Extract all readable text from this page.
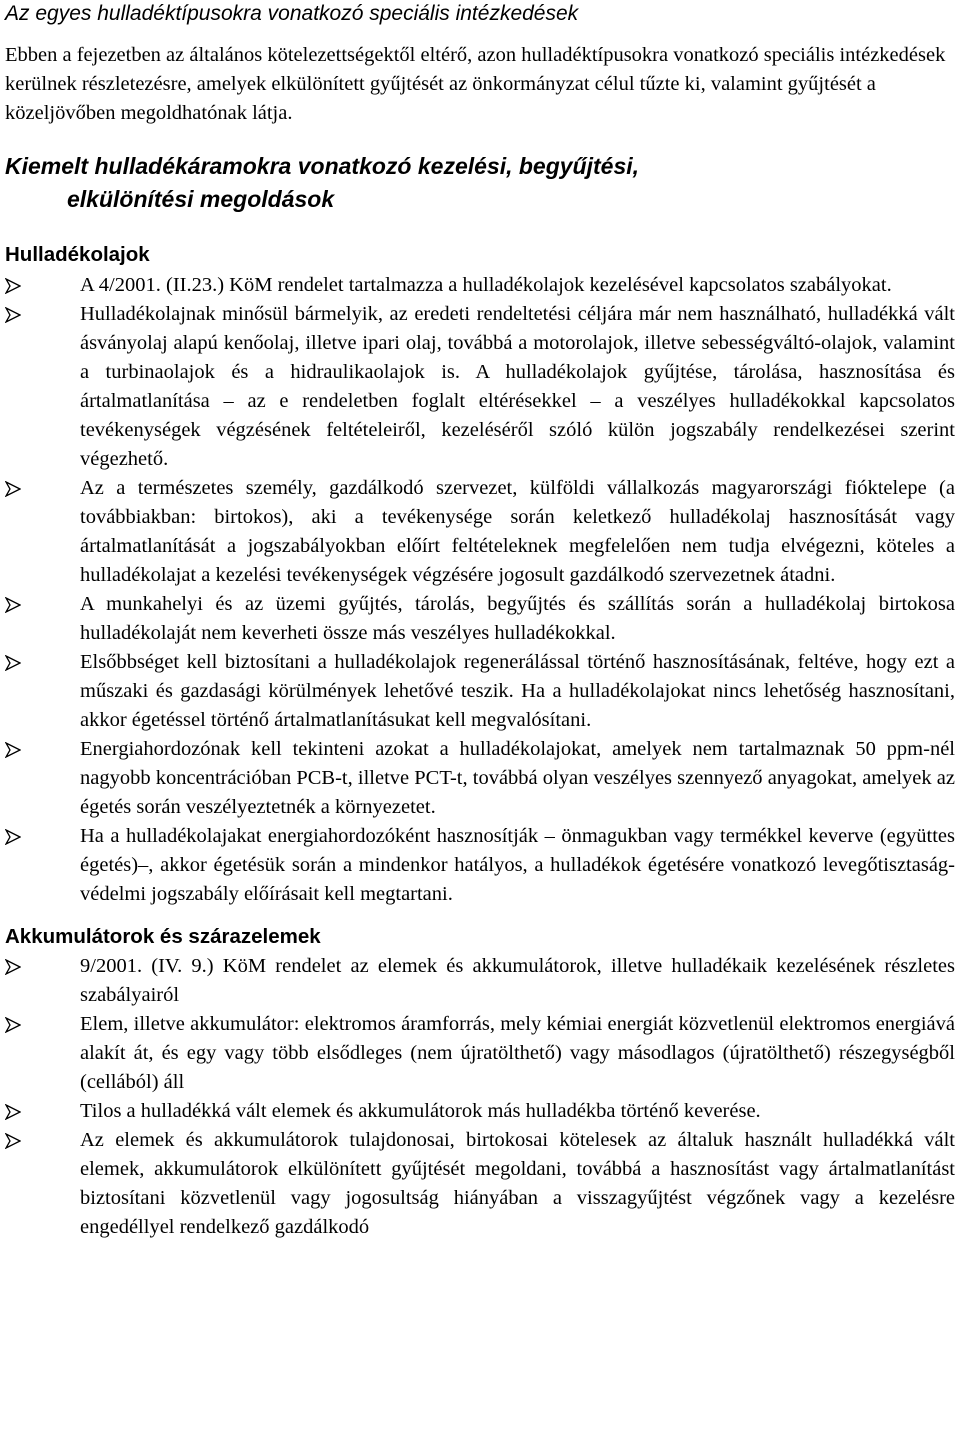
Az egyes hulladéktípusokra vonatkozó speciális intézkedések

Ebben a fejezetben az általános kötelezettségektől eltérő, azon hulladéktípusokra vonatkozó speciális intézkedések kerülnek részletezésre, amelyek elkülönített gyűjtését az önkormányzat célul tűzte ki, valamint gyűjtését a közeljövőben megoldhatónak látja.

Kiemelt hulladékáramokra vonatkozó kezelési, begyűjtési,
elkülönítési megoldások
Hulladékolajok
A 4/2001. (II.23.) KöM rendelet tartalmazza a hulladékolajok kezelésével kapcsolatos szabályokat.
Hulladékolajnak minősül bármelyik, az eredeti rendeltetési céljára már nem használható, hulladékká vált ásványolaj alapú kenőolaj, illetve ipari olaj, továbbá a motorolajok, illetve sebességváltó-olajok, valamint a turbinaolajok és a hidraulikaolajok is. A hulladékolajok gyűjtése, tárolása, hasznosítása és ártalmatlanítása – az e rendeletben foglalt eltérésekkel – a veszélyes hulladékokkal kapcsolatos tevékenységek végzésének feltételeiről, kezeléséről szóló külön jogszabály rendelkezései szerint végezhető.
Az a természetes személy, gazdálkodó szervezet, külföldi vállalkozás magyarországi fióktelepe (a továbbiakban: birtokos), aki a tevékenysége során keletkező hulladékolaj hasznosítását vagy ártalmatlanítását a jogszabályokban előírt feltételeknek megfelelően nem tudja elvégezni, köteles a hulladékolajat a kezelési tevékenységek végzésére jogosult gazdálkodó szervezetnek átadni.
A munkahelyi és az üzemi gyűjtés, tárolás, begyűjtés és szállítás során a hulladékolaj birtokosa hulladékolaját nem keverheti össze más veszélyes hulladékokkal.
Elsőbbséget kell biztosítani a hulladékolajok regenerálással történő hasznosításának, feltéve, hogy ezt a műszaki és gazdasági körülmények lehetővé teszik. Ha a hulladékolajokat nincs lehetőség hasznosítani, akkor égetéssel történő ártalmatlanításukat kell megvalósítani.
Energiahordozónak kell tekinteni azokat a hulladékolajokat, amelyek nem tartalmaznak 50 ppm-nél nagyobb koncentrációban PCB-t, illetve PCT-t, továbbá olyan veszélyes szennyező anyagokat, amelyek az égetés során veszélyeztetnék a környezetet.
Ha a hulladékolajakat energiahordozóként hasznosítják – önmagukban vagy termékkel keverve (együttes égetés)–, akkor égetésük során a mindenkor hatályos, a hulladékok égetésére vonatkozó levegőtisztaság-védelmi jogszabály előírásait kell megtartani.
Akkumulátorok és szárazelemek
9/2001. (IV. 9.) KöM rendelet az elemek és akkumulátorok, illetve hulladékaik kezelésének részletes szabályairól
Elem, illetve akkumulátor: elektromos áramforrás, mely kémiai energiát közvetlenül elektromos energiává alakít át, és egy vagy több elsődleges (nem újratölthető) vagy másodlagos (újratölthető) részegységből (cellából) áll
Tilos a hulladékká vált elemek és akkumulátorok más hulladékba történő keverése.
Az elemek és akkumulátorok tulajdonosai, birtokosai kötelesek az általuk használt hulladékká vált elemek, akkumulátorok elkülönített gyűjtését megoldani, továbbá a hasznosítást vagy ártalmatlanítást biztosítani közvetlenül vagy jogosultság hiányában a visszagyűjtést végzőnek vagy a kezelésre engedéllyel rendelkező gazdálkodó
